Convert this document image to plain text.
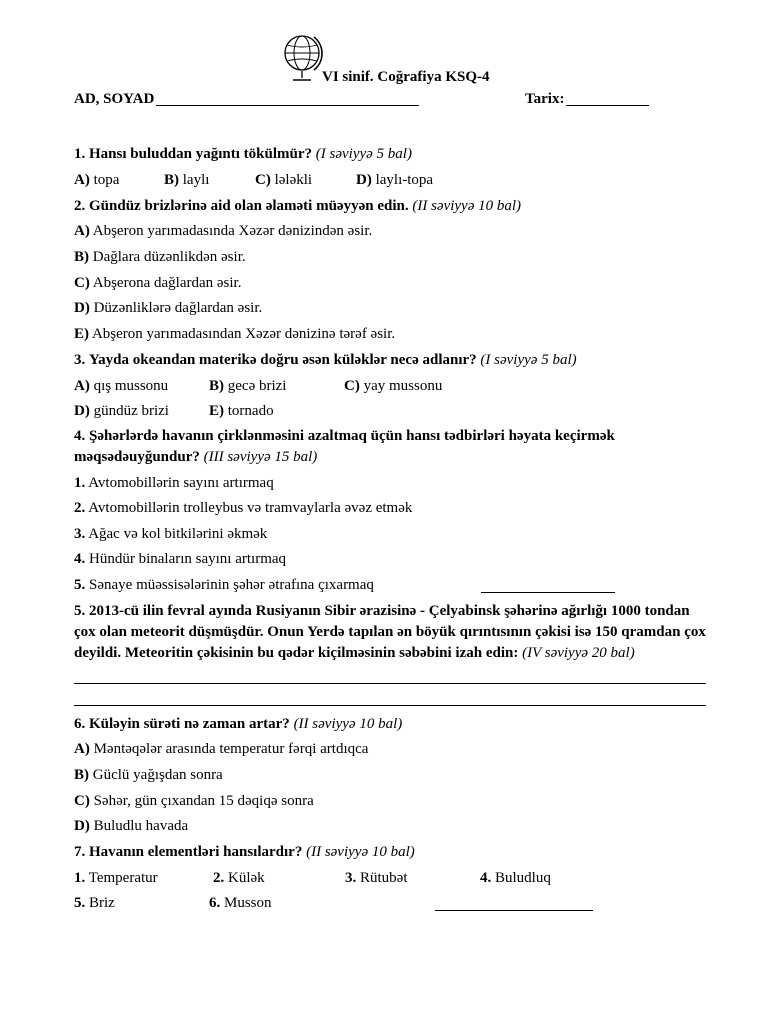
VI sinif. Coğrafiya KSQ-4
AD, SOYAD	Tarix:
1. Hansı buluddan yağıntı tökülmür? (I səviyyə 5 bal)
A) topa	B) laylı	C) lələkli	D) laylı-topa
2. Gündüz brizlərinə aid olan əlaməti müəyyən edin. (II səviyyə 10 bal)
A) Abşeron yarımadasında Xəzər dənizindən əsir.
B) Dağlara düzənlikdən əsir.
C) Abşerona dağlardan əsir.
D) Düzənliklərə dağlardan əsir.
E) Abşeron yarımadasından Xəzər dənizinə tərəf əsir.
3. Yayda okeandan materikə doğru əsən küləklər necə adlanır? (I səviyyə 5 bal)
A) qış mussonu	B) gecə brizi	C) yay mussonu
D) gündüz brizi	E) tornado
4. Şəhərlərdə havanın çirklənməsini azaltmaq üçün hansı tədbirləri həyata keçirmək
məqsədəuyğundur? (III səviyyə 15 bal)
1. Avtomobillərin sayını artırmaq
2. Avtomobillərin trolleybus və tramvaylarla əvəz etmək
3. Ağac və kol bitkilərini əkmək
4. Hündür binaların sayını artırmaq
5. Sənaye müəssisələrinin şəhər ətrafına çıxarmaq
5. 2013-cü ilin fevral ayında Rusiyanın Sibir ərazisinə - Çelyabinsk şəhərinə ağırlığı 1000 tondan
çox olan meteorit düşmüşdür. Onun Yerdə tapılan ən böyük qırıntısının çəkisi isə 150 qramdan çox
deyildi. Meteoritin çəkisinin bu qədər kiçilməsinin səbəbini izah edin: (IV səviyyə 20 bal)
6. Küləyin sürəti nə zaman artar? (II səviyyə 10 bal)
A) Məntəqələr arasında temperatur fərqi artdıqca
B) Güclü yağışdan sonra
C) Səhər, gün çıxandan 15 dəqiqə sonra
D) Buludlu havada
7. Havanın elementləri hansılardır? (II səviyyə 10 bal)
1. Temperatur	2. Külək	3. Rütubət	4. Buludluq
5. Briz	6. Musson
